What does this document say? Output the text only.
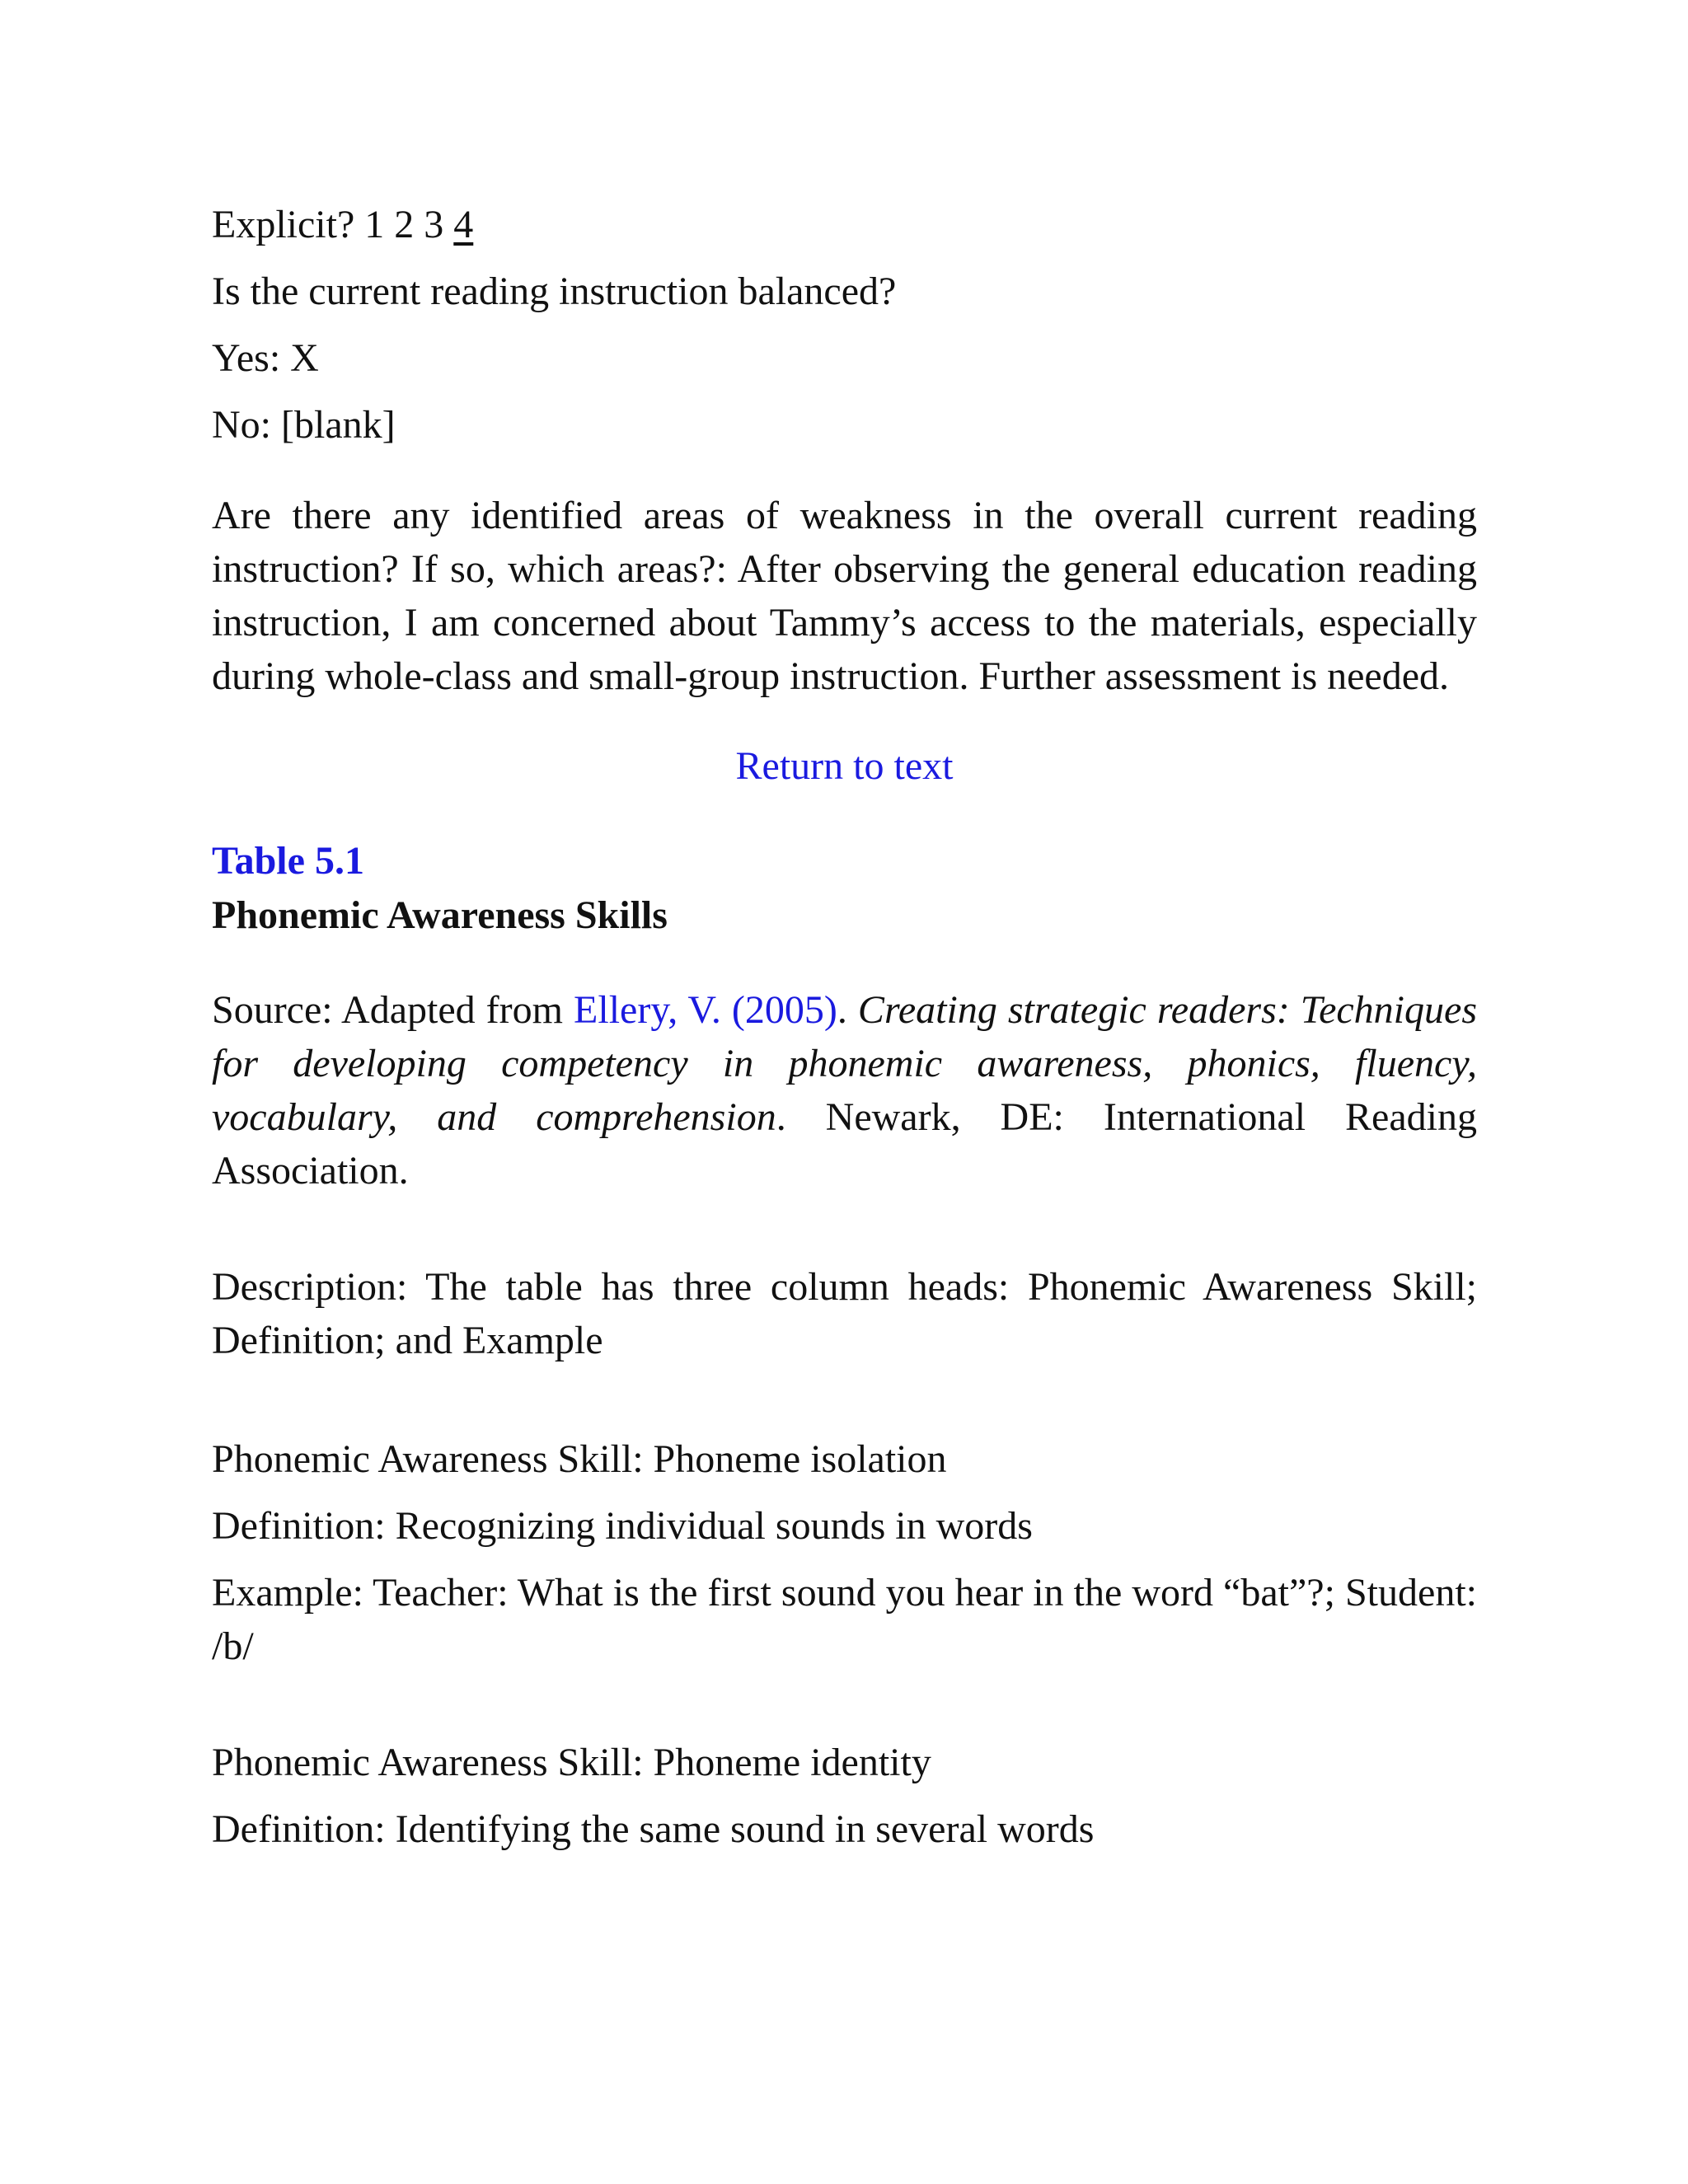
Explicit? 1 2 3 4

Is the current reading instruction balanced?

Yes: X

No: [blank]

Are there any identified areas of weakness in the overall current reading instruction? If so, which areas?: After observing the general education reading instruction, I am concerned about Tammy’s access to the materials, especially during whole-class and small-group instruction. Further assessment is needed.

Return to text

Table 5.1

Phonemic Awareness Skills

Source: Adapted from Ellery, V. (2005). Creating strategic readers: Techniques for developing competency in phonemic awareness, phonics, fluency, vocabulary, and comprehension. Newark, DE: International Reading Association.

Description: The table has three column heads: Phonemic Awareness Skill; Definition; and Example

Phonemic Awareness Skill: Phoneme isolation

Definition: Recognizing individual sounds in words

Example: Teacher: What is the first sound you hear in the word “bat”?; Student: /b/

Phonemic Awareness Skill: Phoneme identity

Definition: Identifying the same sound in several words
